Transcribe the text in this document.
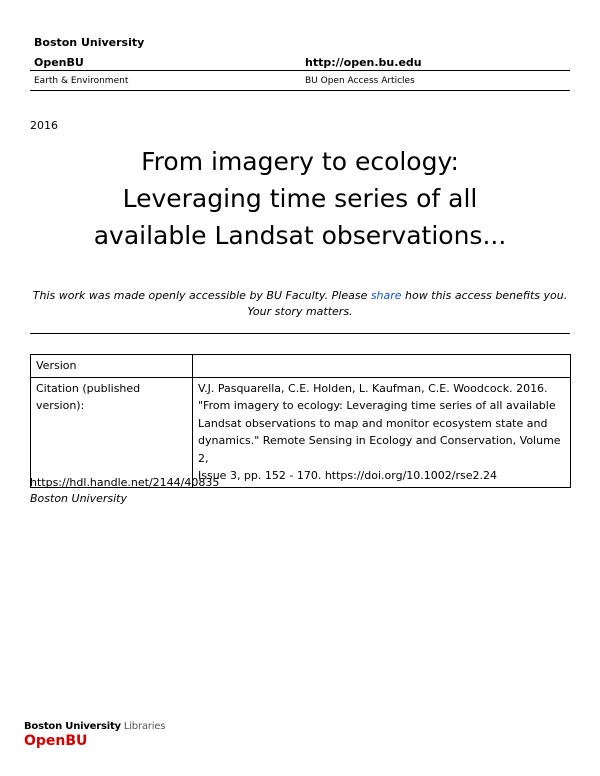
Boston University
OpenBU	http://open.bu.edu
Earth & Environment	BU Open Access Articles
2016
From imagery to ecology:
Leveraging time series of all
available Landsat observations...
This work was made openly accessible by BU Faculty. Please share how this access benefits you.
Your story matters.
Version	
Citation (published version):	V.J. Pasquarella, C.E. Holden, L. Kaufman, C.E. Woodcock. 2016.
"From imagery to ecology: Leveraging time series of all available
Landsat observations to map and monitor ecosystem state and
dynamics." Remote Sensing in Ecology and Conservation, Volume 2,
Issue 3, pp. 152 - 170. https://doi.org/10.1002/rse2.24
https://hdl.handle.net/2144/40835
Boston University
Boston University Libraries
OpenBU
